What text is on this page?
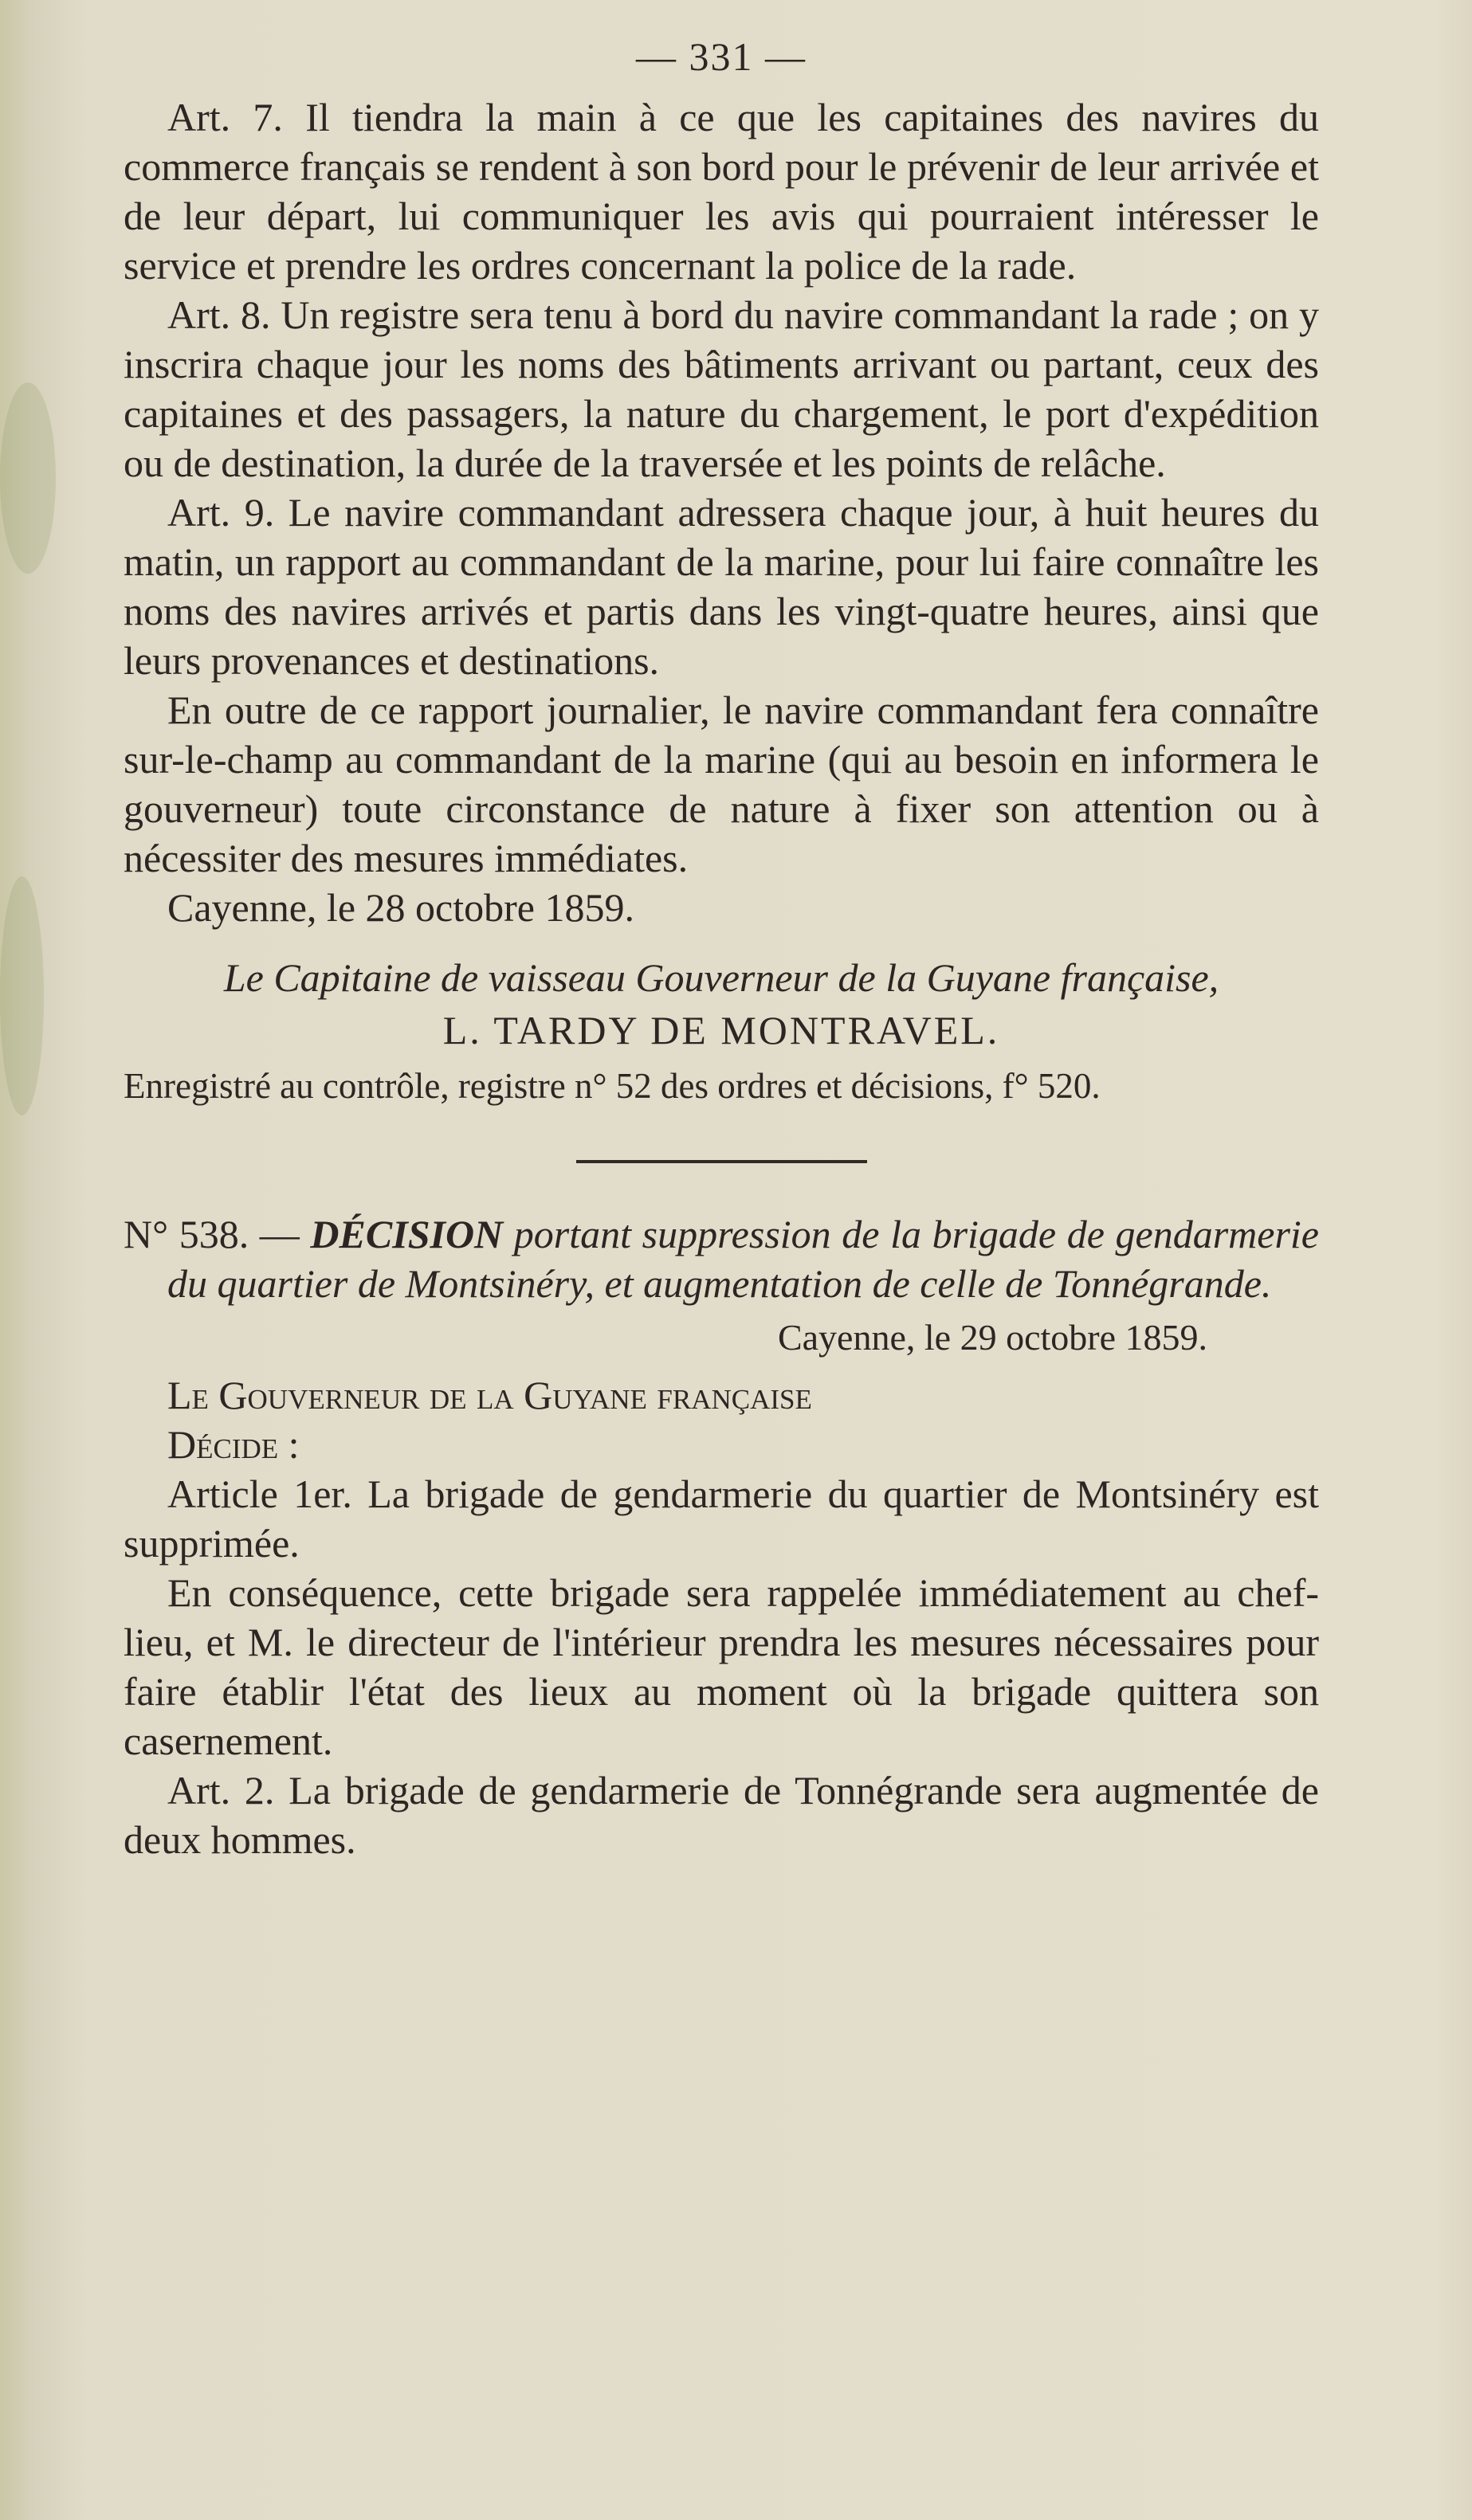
— 331 —

Art. 7. Il tiendra la main à ce que les capitaines des navires du commerce français se rendent à son bord pour le prévenir de leur arrivée et de leur départ, lui communiquer les avis qui pourraient intéresser le service et prendre les ordres concernant la police de la rade.

Art. 8. Un registre sera tenu à bord du navire commandant la rade ; on y inscrira chaque jour les noms des bâtiments arrivant ou partant, ceux des capitaines et des passagers, la nature du chargement, le port d'expédition ou de destination, la durée de la traversée et les points de relâche.

Art. 9. Le navire commandant adressera chaque jour, à huit heures du matin, un rapport au commandant de la marine, pour lui faire connaître les noms des navires arrivés et partis dans les vingt-quatre heures, ainsi que leurs provenances et destinations.

En outre de ce rapport journalier, le navire commandant fera connaître sur-le-champ au commandant de la marine (qui au besoin en informera le gouverneur) toute circonstance de nature à fixer son attention ou à nécessiter des mesures immédiates.

Cayenne, le 28 octobre 1859.

Le Capitaine de vaisseau Gouverneur de la Guyane française,
L. TARDY DE MONTRAVEL.
Enregistré au contrôle, registre n° 52 des ordres et décisions, f° 520.

N° 538. — DÉCISION portant suppression de la brigade de gendarmerie du quartier de Montsinéry, et augmentation de celle de Tonnégrande.

Cayenne, le 29 octobre 1859.

Le Gouverneur de la Guyane française

Décide :

Article 1er. La brigade de gendarmerie du quartier de Montsinéry est supprimée.

En conséquence, cette brigade sera rappelée immédiatement au chef-lieu, et M. le directeur de l'intérieur prendra les mesures nécessaires pour faire établir l'état des lieux au moment où la brigade quittera son casernement.

Art. 2. La brigade de gendarmerie de Tonnégrande sera augmentée de deux hommes.
